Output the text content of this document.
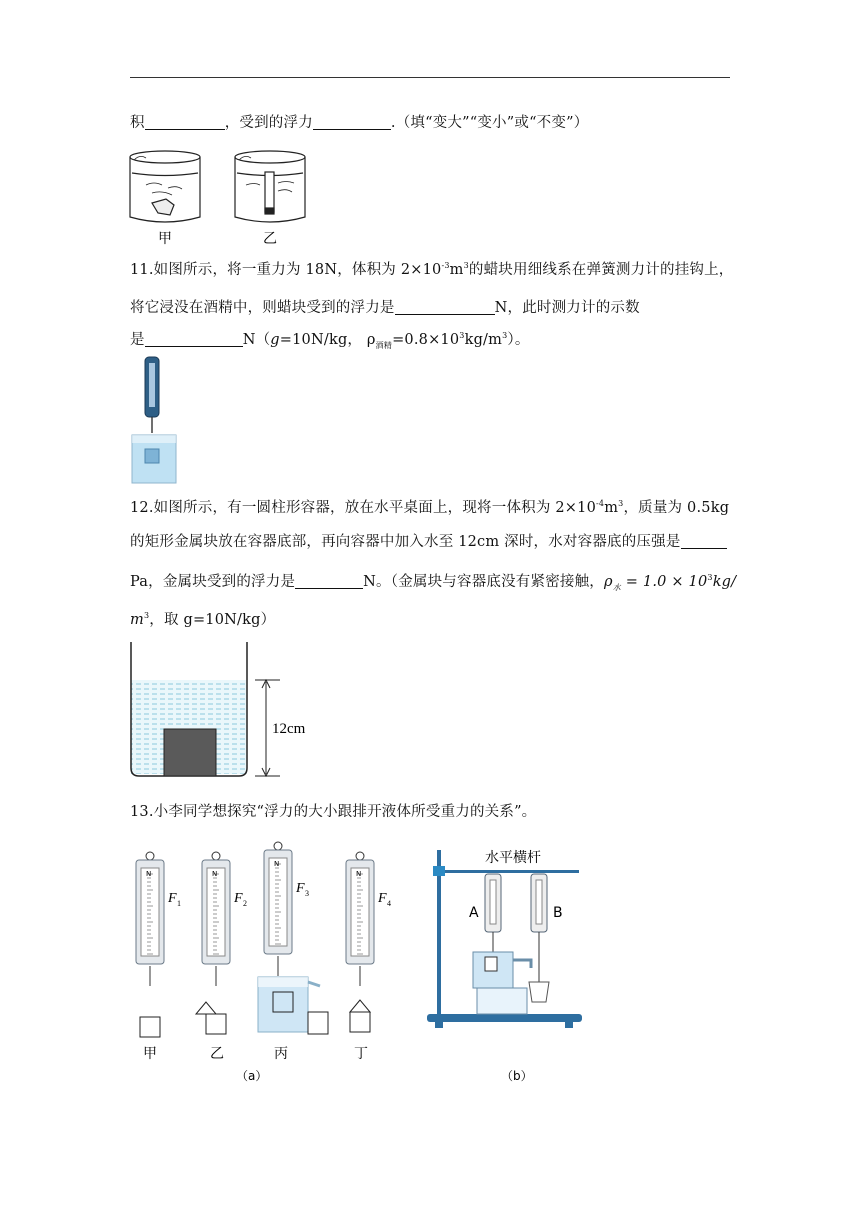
积	，受到的浮力	.（填“变大”“变小”或“不变”）
甲	乙
11.如图所示，将一重力为 18N，体积为 $2\times 10^{-3}m^3$的蜡块用细线系在弹簧测力计的挂钩上，
将它浸没在酒精中，则蜡块受到的浮力是	N，此时测力计的示数
是	N（g=10N/kg， $\rho_{酒精}=0.8\times 10^3kg/m^3$）。
12.如图所示，有一圆柱形容器，放在水平桌面上，现将一体积为 $2\times 10^{-4}m^3$，质量为 0.5kg
的矩形金属块放在容器底部，再向容器中加入水至 12cm 深时，水对容器底的压强是
Pa，金属块受到的浮力是	N。（金属块与容器底没有紧密接触，$\rho_水 = 1.0 \times 10^3kg/$
$m^3$，取 g=10N/kg）
12cm
13.小李同学想探究“浮力的大小跟排开液体所受重力的关系”。
N
F 1
N
F 2
N
F 3
N
F 4
甲	乙	丙	丁
（a）
水平横杆
A	B
（b）
